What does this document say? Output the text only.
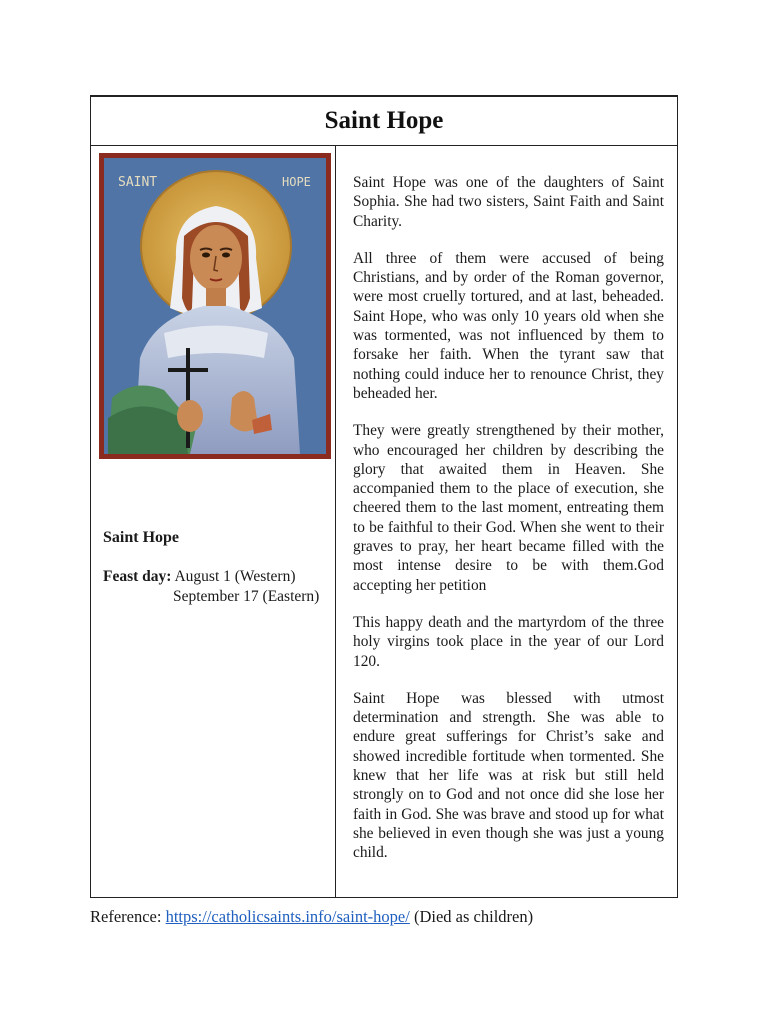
Saint Hope
SAINT	HOPE
Saint Hope
Feast day: August 1 (Western)
September 17 (Eastern)

Saint Hope was one of the daughters of Saint Sophia. She had two sisters, Saint Faith and Saint Charity.

All three of them were accused of being Christians, and by order of the Roman governor, were most cruelly tortured, and at last, beheaded. Saint Hope, who was only 10 years old when she was tormented, was not influenced by them to forsake her faith. When the tyrant saw that nothing could induce her to renounce Christ, they beheaded her.

They were greatly strengthened by their mother, who encouraged her children by describing the glory that awaited them in Heaven. She accompanied them to the place of execution, she cheered them to the last moment, entreating them to be faithful to their God. When she went to their graves to pray, her heart became filled with the most intense desire to be with them.God accepting her petition

This happy death and the martyrdom of the three holy virgins took place in the year of our Lord 120.

Saint Hope was blessed with utmost determination and strength. She was able to endure great sufferings for Christ’s sake and showed incredible fortitude when tormented. She knew that her life was at risk but still held strongly on to God and not once did she lose her faith in God. She was brave and stood up for what she believed in even though she was just a young child.

Reference: https://catholicsaints.info/saint-hope/ (Died as children)
